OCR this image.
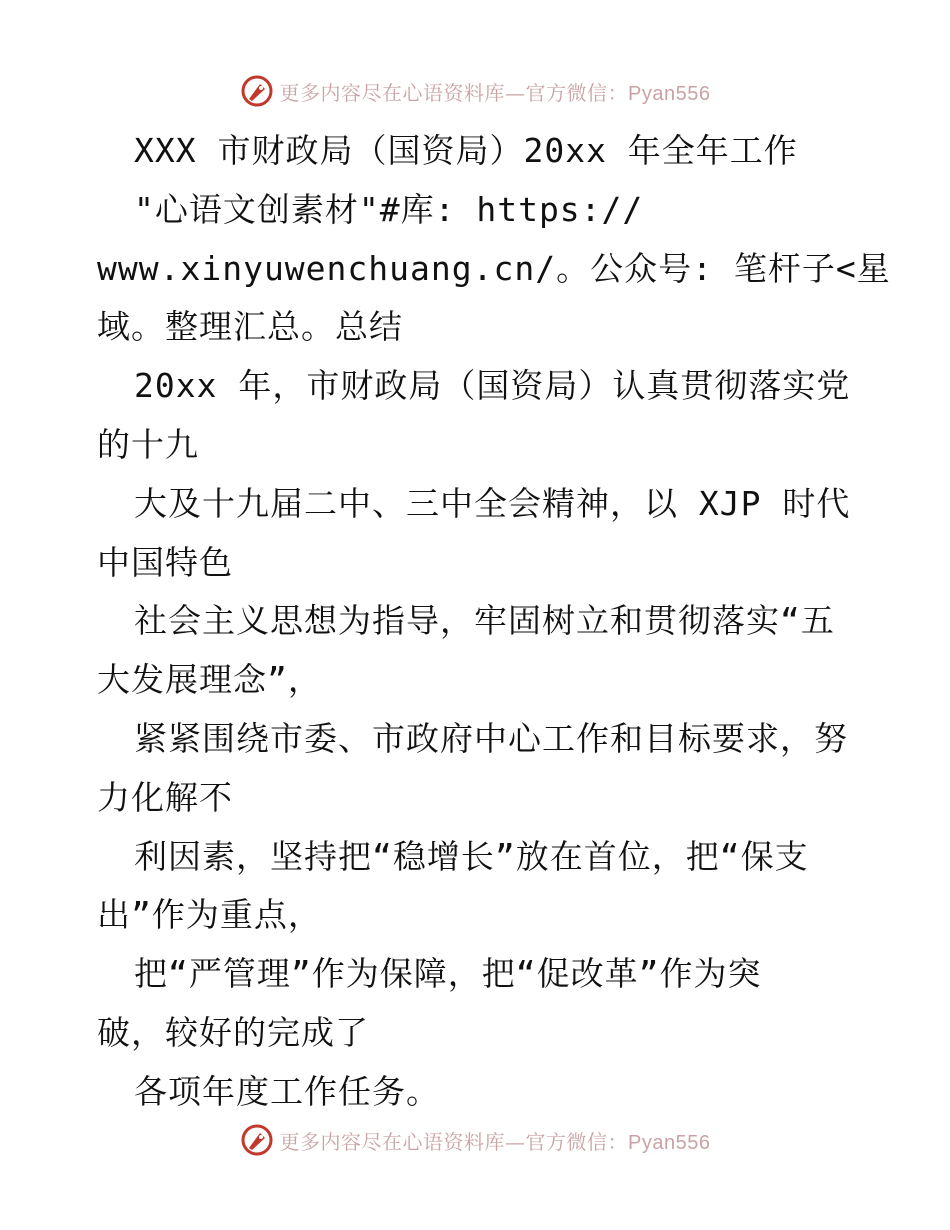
更多内容尽在心语资料库—官方微信：Pyan556
XXX 市财政局（国资局）20xx 年全年工作
"心语文创素材"#库: https://
www.xinyuwenchuang.cn/。公众号: 笔杆子<星
域。整理汇总。总结
20xx 年，市财政局（国资局）认真贯彻落实党
的十九
大及十九届二中、三中全会精神，以 XJP 时代
中国特色
社会主义思想为指导，牢固树立和贯彻落实“五
大发展理念”，
紧紧围绕市委、市政府中心工作和目标要求，努
力化解不
利因素，坚持把“稳增长”放在首位，把“保支
出”作为重点，
把“严管理”作为保障，把“促改革”作为突
破，较好的完成了
各项年度工作任务。
更多内容尽在心语资料库—官方微信：Pyan556
